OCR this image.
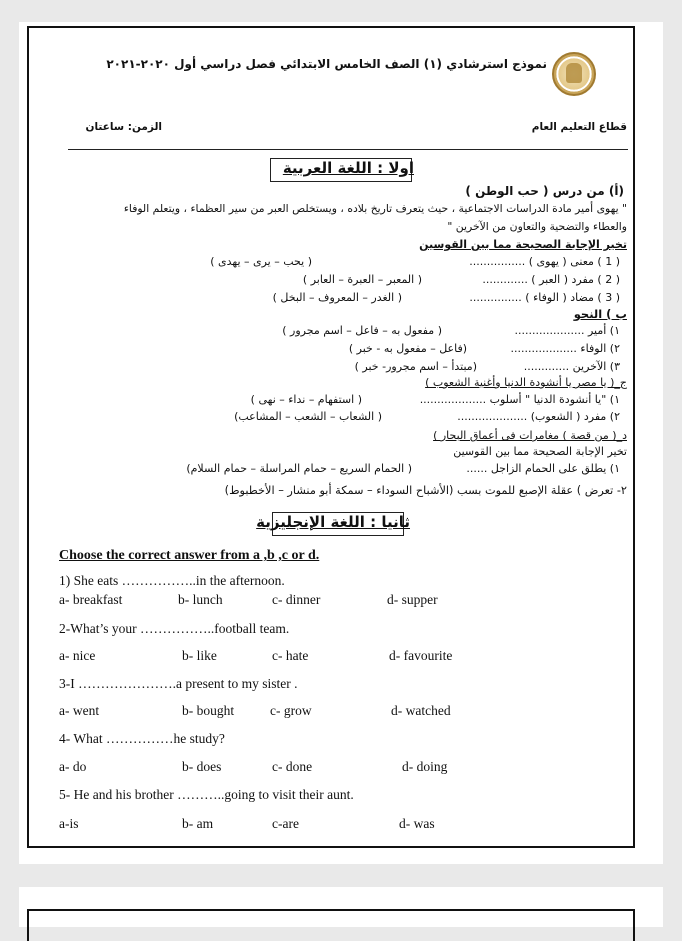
نموذج استرشادي (١) الصف الخامس الابتدائي فصل دراسي أول ٢٠٢٠-٢٠٢١
قطاع التعليم العام
الزمن: ساعتان
اولا : اللغة العربية
(أ) من درس ( حب الوطن )
" يهوى أمير مادة الدراسات الاجتماعية ، حيث يتعرف تاريخ بلاده ، ويستخلص العبر من سير العظماء ، ويتعلم الوفاء
والعطاء والتضحية والتعاون من الآخرين "
تخير الإجابة الصحيحة مما بين القوسين
( 1 ) معنى ( يهوى ) ................
( يحب – يرى – يهدى )
( 2 ) مفرد ( العبر ) .............
( المعبر – العبرة – العابر )
( 3 ) مضاد ( الوفاء ) ...............
( الغدر – المعروف – البخل )
ب ) النحو
١) أمير ....................
( مفعول به – فاعل – اسم مجرور )
٢) الوفاء ...................
(فاعل – مفعول به - خبر )
٣) الآخرين .............
(مبتدأ – اسم مجرور- خبر )
ج_( يا مصر يا أنشودة الدنيا وأغنية الشعوب )
١) "يا أنشودة الدنيا " أسلوب ...................
( استفهام – نداء – نهى )
٢) مفرد ( الشعوب) ....................
( الشعاب – الشعب – المشاعب)
د_( من قصة ) مغامرات فى أعماق البحار )
تخير الإجابة الصحيحة مما بين القوسين
١) يطلق على الحمام الزاجل ......
( الحمام السريع – حمام المراسلة – حمام السلام)
٢- تعرض ) عقلة الإصبع للموت بسب (الأشباح السوداء – سمكة أبو منشار – الأخطبوط)
ثانيا : اللغة الإنجليزية
Choose the correct answer from a ,b ,c or d.
1) She eats ……………..in the afternoon.
a- breakfast	b- lunch	c- dinner	d- supper
2-What’s your ……………..football team.
a- nice	b- like	c- hate	d- favourite
3-I ………………….a present to my sister .
a- went	b- bought	c- grow	d- watched
4- What ……………he study?
a- do	b- does	c- done	d- doing
5- He and his brother ………..going to visit their aunt.
a-is	b- am	c-are	d- was
